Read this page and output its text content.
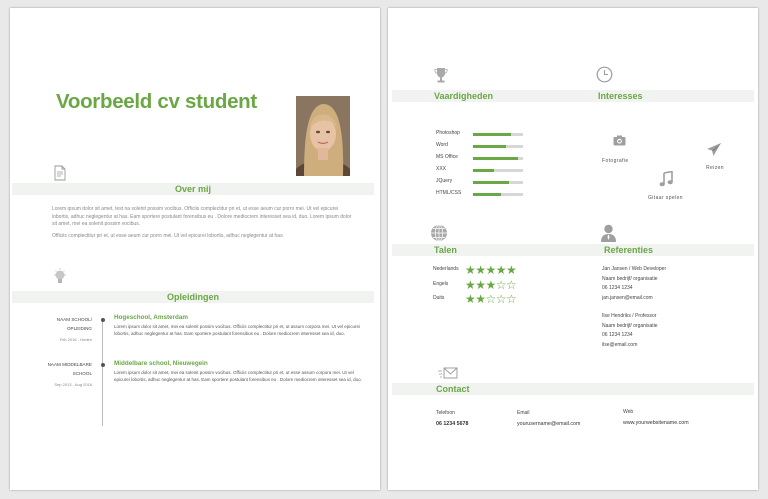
Voorbeeld cv student
Over mij
Lorem ipsum dolor sit amet, test na solenit possim vocibus. Officiis complectitur pri et, ut esse aeum cur porro mei. Ut vel epicurei lobortis, adhuc neglegentur at has. Eam sportere postulant forensibus eu . Dolore mediocrem interesset sea id, duo. Lorem ipsum dolor sit amet, mei ea solenit possim vocibus.
Officiis complectitur pri et, ut esse aeum cur porro mei. Ut vel epicurei lobortis, adhuc neglegentur at has.
Opleidingen
NAAM SCHOOL/
OPLEIDING
Feb 2016 - Heden
Hogeschool, Amsterdam
Lorem ipsum dolor sit amet, mei ea solenit possim vocibus. Officiis complectitur pri et, ut assum corpora mei. Ut vel epicurei lobortis, adhuc neglegentur at has. Eam sportere postulant forensibus eu . Dolore mediocrem interesset sea id, duo.
NAAM MIDDELBARE
SCHOOL
Sep 2013 - Aug 2016
Middelbare school, Nieuwegein
Lorem ipsum dolor sit amet, mei ea solenit possim vocibus. Officiis complectitur pri et, ut esse assum corpora mei. Ut vel epicurei lobortis, adhuc neglegentur at has. Eam sportere postulant forensibus eu . Dolore mediocrem interesset sea id, duo.
Vaardigheden	Interesses
Photoshop
Word
MS Office
XXX
JQuery
HTML/CSS
Fotografie
Reizen
Gitaar spelen
Talen	Referenties
Nederlands ★★★★★
Engels ★★★☆☆
Duits ★★☆☆☆
Jan Jansen / Web Developer
Naam bedrijf/ organisatie
06 1234 1234
jan.jansen@email.com
Ilse Hendriks / Professor
Naam bedrijf/ organisatie
06 1234 1234
ilse@email.com
Contact
Telefoon
06 1234 5678
Email
yourusername@email.com
Web
www.yourwebsitename.com
